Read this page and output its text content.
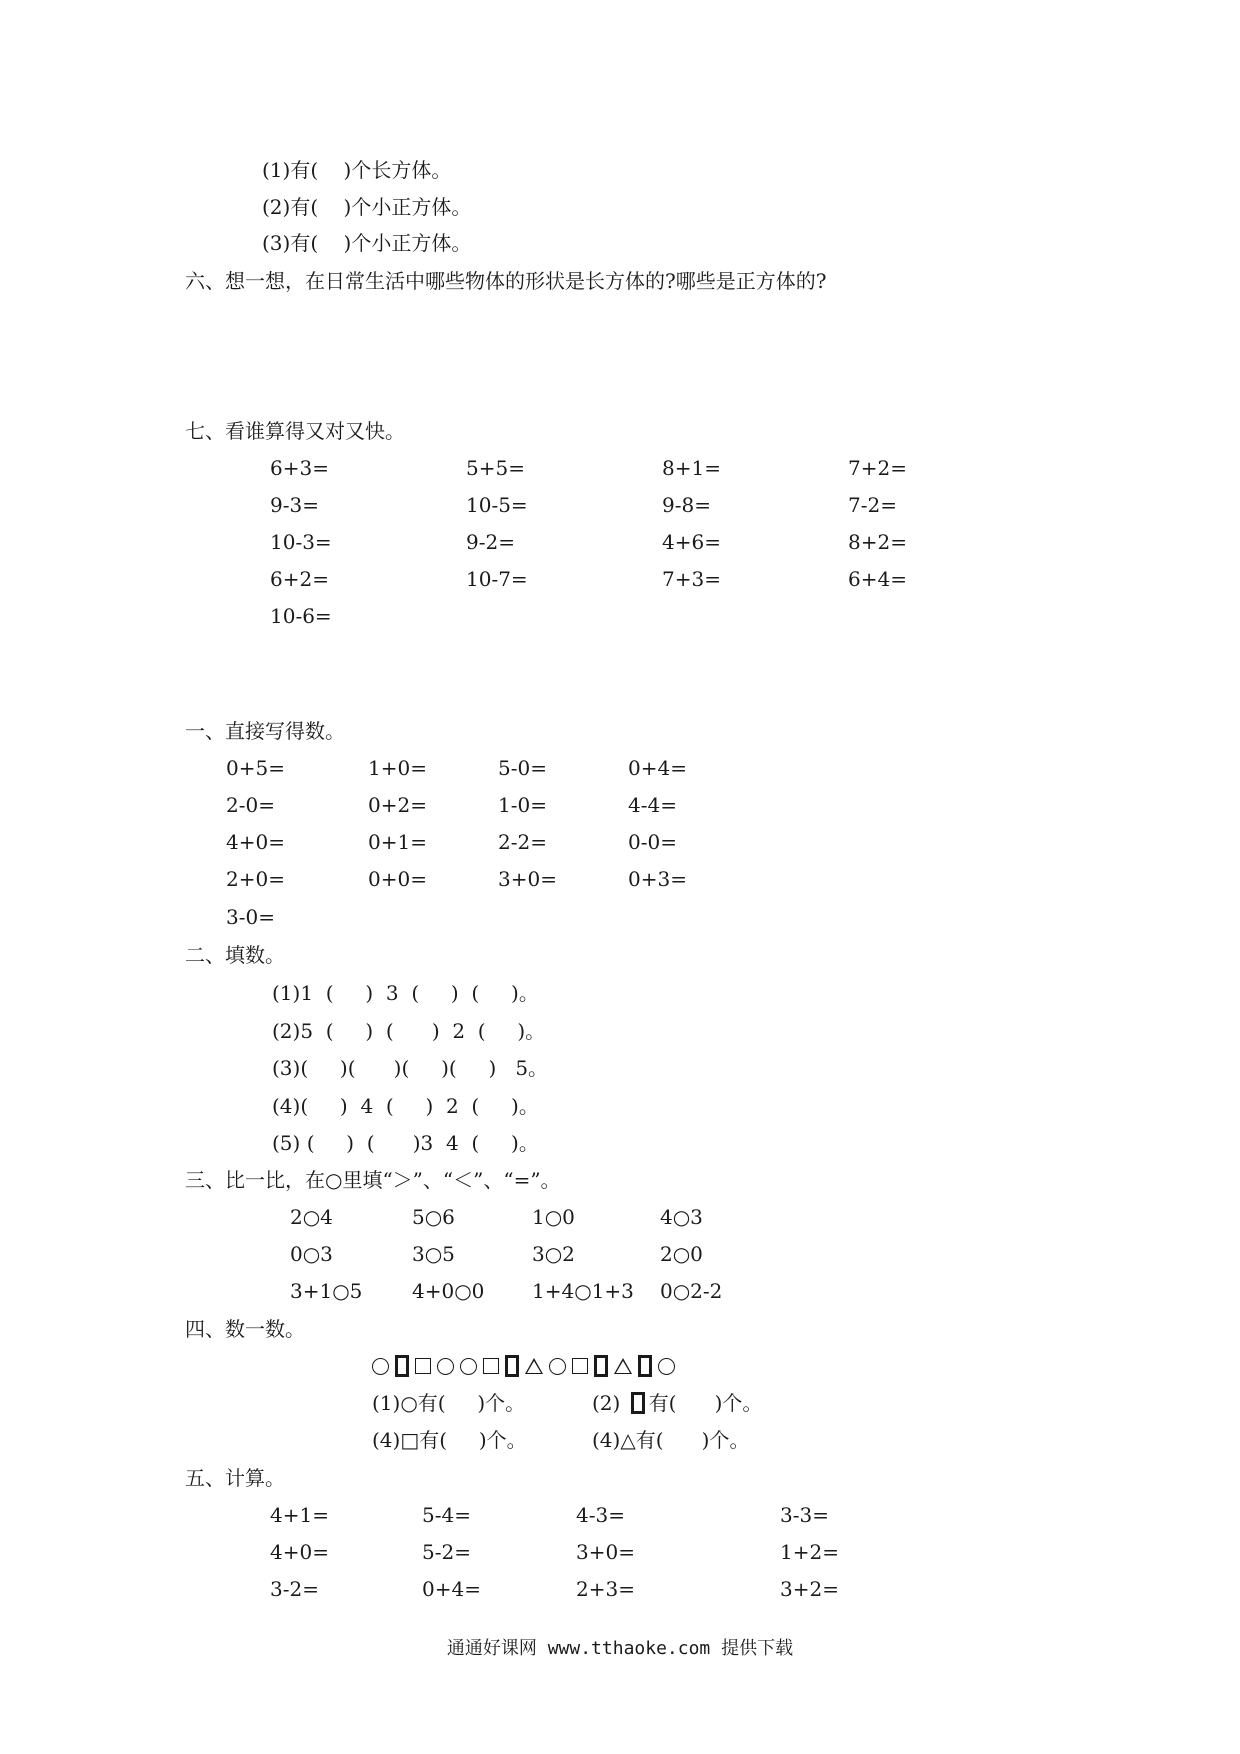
(1)有(    )个长方体。
(2)有(    )个小正方体。
(3)有(    )个小正方体。
六、想一想，在日常生活中哪些物体的形状是长方体的?哪些是正方体的?
七、看谁算得又对又快。
6+3=	5+5=	8+1=	7+2=
9-3=	10-5=	9-8=	7-2=
10-3=	9-2=	4+6=	8+2=
6+2=	10-7=	7+3=	6+4=
10-6=
一、直接写得数。
0+5=	1+0=	5-0=	0+4=
2-0=	0+2=	1-0=	4-4=
4+0=	0+1=	2-2=	0-0=
2+0=	0+0=	3+0=	0+3=
3-0=
二、填数。
(1)1  (     )  3  (     )  (     )。
(2)5  (     )  (      )  2  (     )。
(3)(     )(      )(     )(     )   5。
(4)(     )  4  (     )  2  (     )。
(5) (     )  (      )3  4  (     )。
三、比一比，在○里填“＞”、“＜”、“=”。
2○4	5○6	1○0	4○3
0○3	3○5	3○2	2○0
3+1○5 4+0○0 1+4○1+3 0○2-2
四、数一数。
(1)○有(     )个。	(2) 有(      )个。
(4)□有(     )个。	(4)△有(      )个。
五、计算。
4+1=	5-4=	4-3=	3-3=
4+0=	5-2=	3+0=	1+2=
3-2=	0+4=	2+3=	3+2=
通通好课网 www.tthaoke.com 提供下载
